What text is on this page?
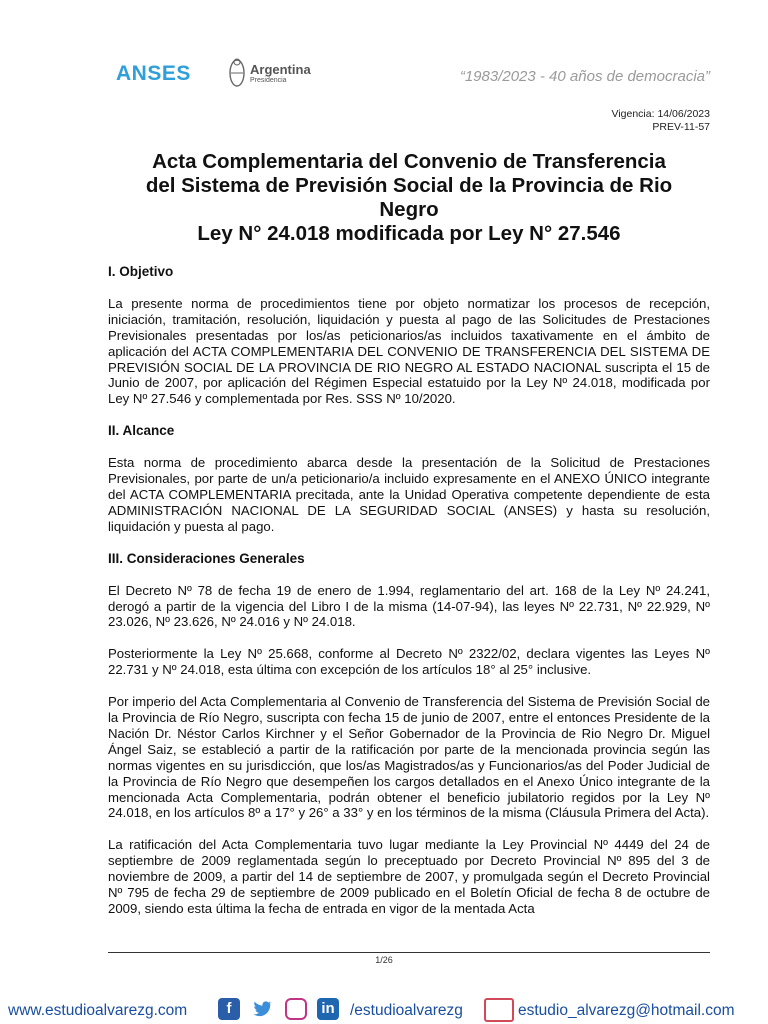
ANSES	Argentina
Presidencia	“1983/2023 - 40 años de democracia”
Vigencia: 14/06/2023
PREV-11-57
Acta Complementaria del Convenio de Transferencia
del Sistema de Previsión Social de la Provincia de Rio
Negro
Ley N° 24.018 modificada por Ley N° 27.546
I. Objetivo

La presente norma de procedimientos tiene por objeto normatizar los procesos de recepción, iniciación, tramitación, resolución, liquidación y puesta al pago de las Solicitudes de Prestaciones Previsionales presentadas por los/as peticionarios/as incluidos taxativamente en el ámbito de aplicación del ACTA COMPLEMENTARIA DEL CONVENIO DE TRANSFERENCIA DEL SISTEMA DE PREVISIÓN SOCIAL DE LA PROVINCIA DE RIO NEGRO AL ESTADO NACIONAL suscripta el 15 de Junio de 2007, por aplicación del Régimen Especial estatuido por la Ley Nº 24.018, modificada por Ley Nº 27.546 y complementada por Res. SSS Nº 10/2020.

II. Alcance

Esta norma de procedimiento abarca desde la presentación de la Solicitud de Prestaciones Previsionales, por parte de un/a peticionario/a incluido expresamente en el ANEXO ÚNICO integrante del ACTA COMPLEMENTARIA precitada, ante la Unidad Operativa competente dependiente de esta ADMINISTRACIÓN NACIONAL DE LA SEGURIDAD SOCIAL (ANSES) y hasta su resolución, liquidación y puesta al pago.

III. Consideraciones Generales

El Decreto Nº 78 de fecha 19 de enero de 1.994, reglamentario del art. 168 de la Ley Nº 24.241, derogó a partir de la vigencia del Libro I de la misma (14-07-94), las leyes Nº 22.731, Nº 22.929, Nº 23.026, Nº 23.626, Nº 24.016 y Nº 24.018.

Posteriormente la Ley Nº 25.668, conforme al Decreto Nº 2322/02, declara vigentes las Leyes Nº 22.731 y Nº 24.018, esta última con excepción de los artículos 18° al 25° inclusive.

Por imperio del Acta Complementaria al Convenio de Transferencia del Sistema de Previsión Social de la Provincia de Río Negro, suscripta con fecha 15 de junio de 2007, entre el entonces Presidente de la Nación Dr. Néstor Carlos Kirchner y el Señor Gobernador de la Provincia de Rio Negro Dr. Miguel Ángel Saiz, se estableció a partir de la ratificación por parte de la mencionada provincia según las normas vigentes en su jurisdicción, que los/as Magistrados/as y Funcionarios/as del Poder Judicial de la Provincia de Río Negro que desempeñen los cargos detallados en el Anexo Único integrante de la mencionada Acta Complementaria, podrán obtener el beneficio jubilatorio regidos por la Ley Nº 24.018, en los artículos 8º a 17° y 26° a 33° y en los términos de la misma (Cláusula Primera del Acta).

La ratificación del Acta Complementaria tuvo lugar mediante la Ley Provincial Nº 4449 del 24 de septiembre de 2009 reglamentada según lo preceptuado por Decreto Provincial Nº 895 del 3 de noviembre de 2009, a partir del 14 de septiembre de 2007, y promulgada según el Decreto Provincial Nº 795 de fecha 29 de septiembre de 2009 publicado en el Boletín Oficial de fecha 8 de octubre de 2009, siendo esta última la fecha de entrada en vigor de la mentada Acta

1/26
www.estudioalvarezg.com	f	in /estudioalvarezg	estudio_alvarezg@hotmail.com
